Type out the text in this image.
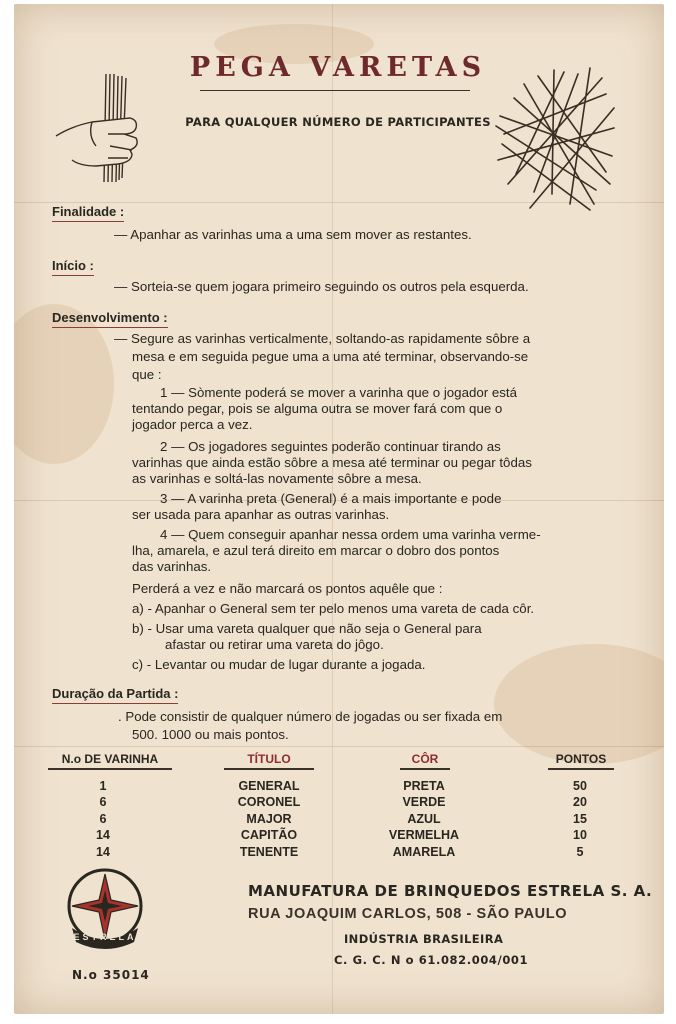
PEGA VARETAS
PARA QUALQUER NÚMERO DE PARTICIPANTES
Finalidade :
— Apanhar as varinhas uma a uma sem mover as restantes.
Início :
— Sorteia-se quem jogara primeiro seguindo os outros pela esquerda.
Desenvolvimento :
— Segure as varinhas verticalmente, soltando-as rapidamente sôbre a
mesa e em seguida pegue uma a uma até terminar, observando-se
que :
1 — Sòmente poderá se mover a varinha que o jogador está
tentando pegar, pois se alguma outra se mover fará com que o
jogador perca a vez.
2 — Os jogadores seguintes poderão continuar tirando as
varinhas que ainda estão sôbre a mesa até terminar ou pegar tôdas
as varinhas e soltá-las novamente sôbre a mesa.
3 — A varinha preta (General) é a mais importante e pode
ser usada para apanhar as outras varinhas.
4 — Quem conseguir apanhar nessa ordem uma varinha verme-
lha, amarela, e azul terá direito em marcar o dobro dos pontos
das varinhas.
Perderá a vez e não marcará os pontos aquêle que :
a) - Apanhar o General sem ter pelo menos uma vareta de cada côr.
b) - Usar uma vareta qualquer que não seja o General para
afastar ou retirar uma vareta do jôgo.
c) - Levantar ou mudar de lugar durante a jogada.
Duração da Partida :
. Pode consistir de qualquer número de jogadas ou ser fixada em
500. 1000 ou mais pontos.
N.o DE VARINHA	TÍTULO	CÔR	PONTOS
1	GENERAL	PRETA	50
6	CORONEL	VERDE	20
6	MAJOR	AZUL	15
14	CAPITÃO	VERMELHA	10
14	TENENTE	AMARELA	5
ESTRELA
N.o 35014
MANUFATURA DE BRINQUEDOS ESTRELA S. A.
RUA JOAQUIM CARLOS, 508 - SÃO PAULO
INDÚSTRIA BRASILEIRA
C. G. C. N o 61.082.004/001
